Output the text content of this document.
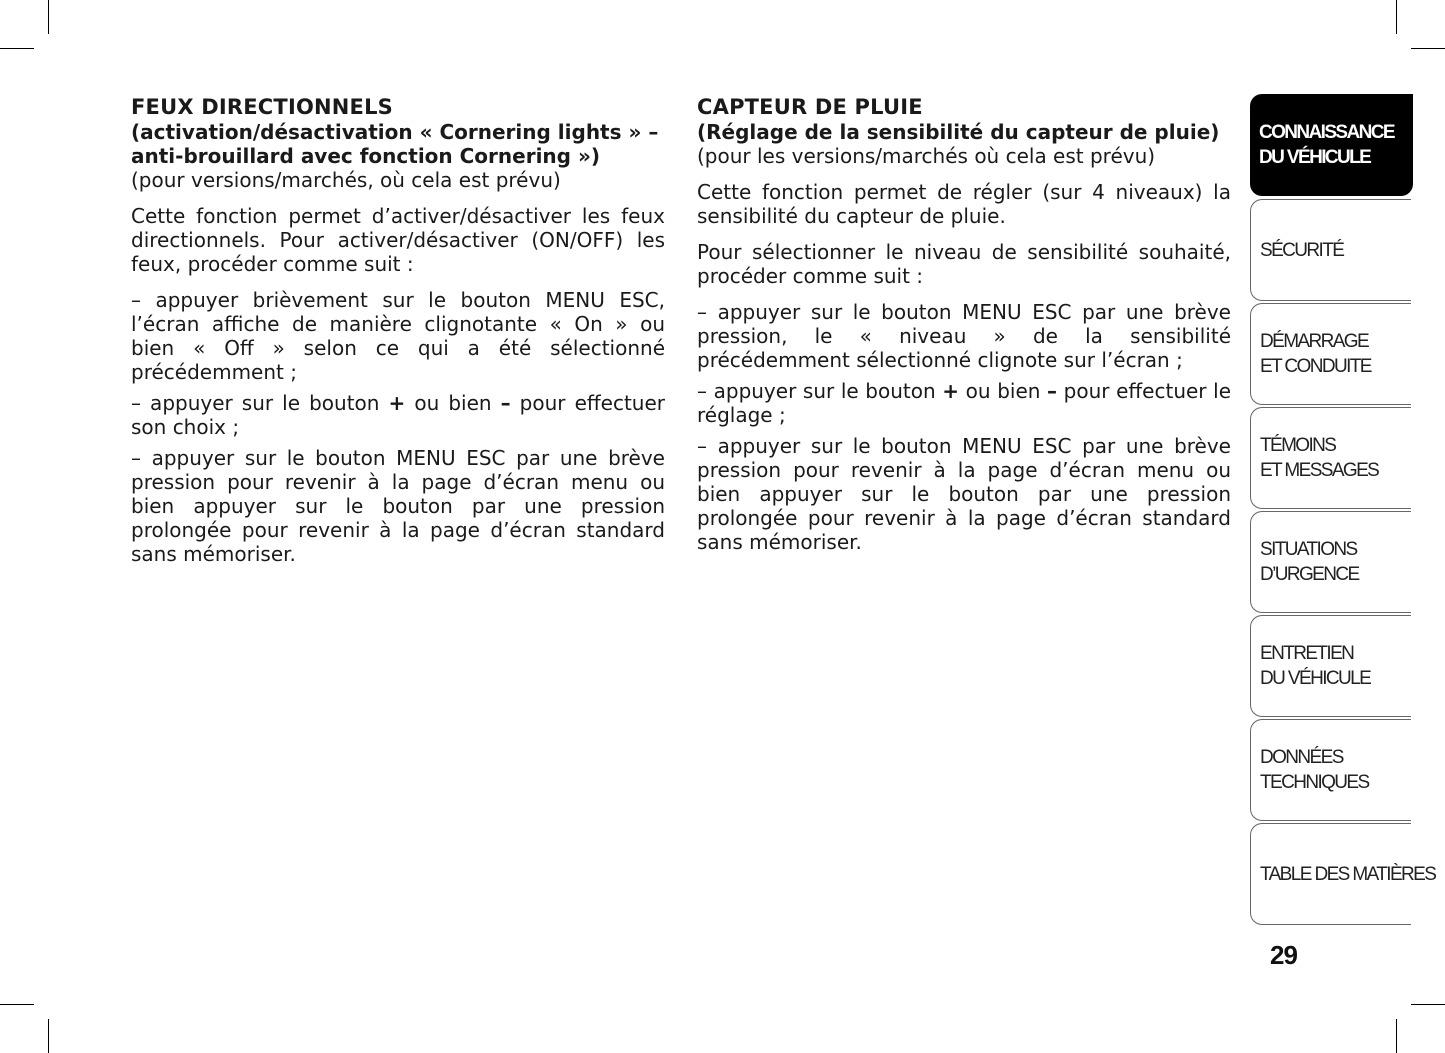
FEUX DIRECTIONNELS

(activation/désactivation « Cornering lights » –

anti-brouillard avec fonction Cornering »)

(pour versions/marchés, où cela est prévu)

Cette fonction permet d’activer/désactiver les feux directionnels. Pour activer/désactiver (ON/OFF) les feux, procéder comme suit :

– appuyer brièvement sur le bouton MENU ESC, l’écran affiche de manière clignotante « On » ou bien « Off » selon ce qui a été sélectionné précédemment ;

– appuyer sur le bouton + ou bien – pour effectuer son choix ;

– appuyer sur le bouton MENU ESC par une brève pression pour revenir à la page d’écran menu ou bien appuyer sur le bouton par une pression prolongée pour revenir à la page d’écran standard sans mémoriser.

CAPTEUR DE PLUIE

(Réglage de la sensibilité du capteur de pluie)

(pour les versions/marchés où cela est prévu)

Cette fonction permet de régler (sur 4 niveaux) la sensibilité du capteur de pluie.

Pour sélectionner le niveau de sensibilité souhaité, procéder comme suit :

– appuyer sur le bouton MENU ESC par une brève pression, le « niveau » de la sensibilité précédemment sélectionné clignote sur l’écran ;

– appuyer sur le bouton + ou bien – pour effectuer le réglage ;

– appuyer sur le bouton MENU ESC par une brève pression pour revenir à la page d’écran menu ou bien appuyer sur le bouton par une pression prolongée pour revenir à la page d’écran standard sans mémoriser.

CONNAISSANCE
DU VÉHICULE
SÉCURITÉ
DÉMARRAGE
ET CONDUITE
TÉMOINS
ET MESSAGES
SITUATIONS
D’URGENCE
ENTRETIEN
DU VÉHICULE
DONNÉES
TECHNIQUES
TABLE DES MATIÈRES
29
